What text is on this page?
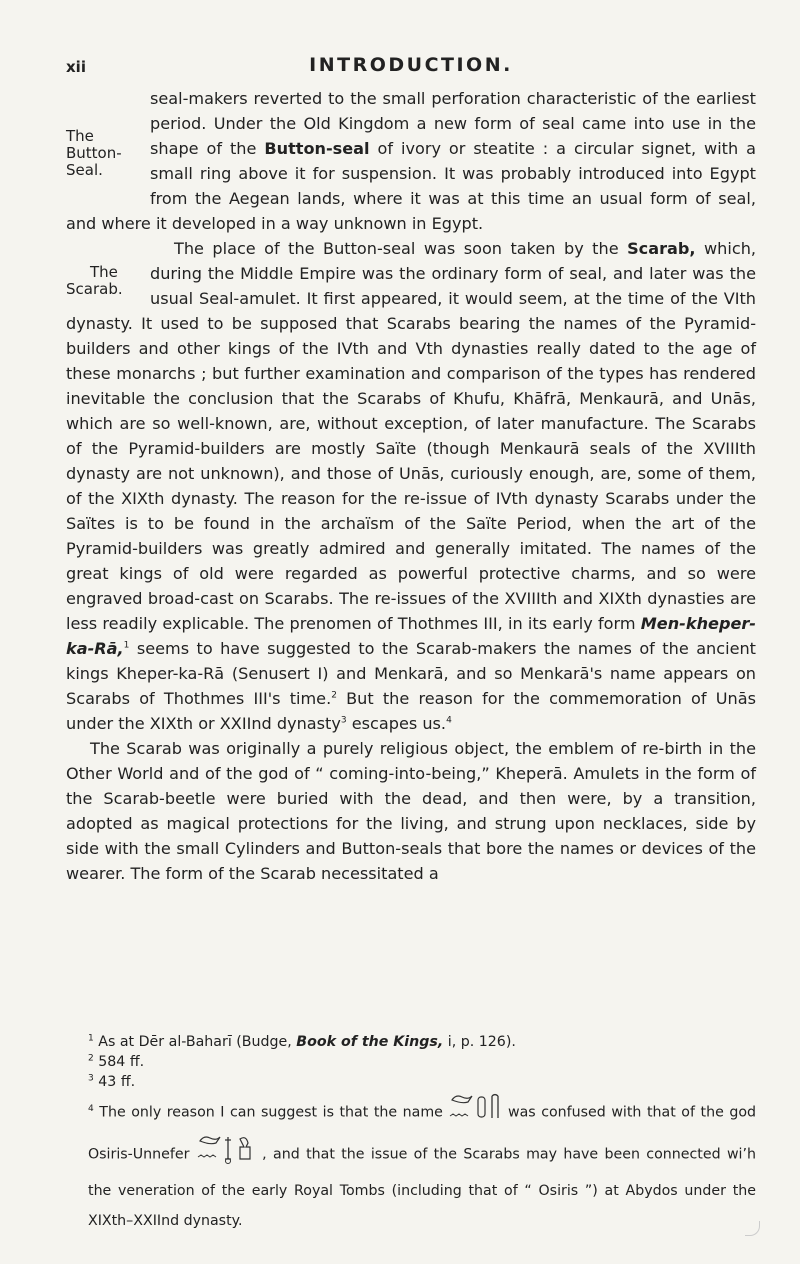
xii	INTRODUCTION.

The Button-Seal.
seal-makers reverted to the small perforation characteristic of the earliest period. Under the Old Kingdom a new form of seal came into use in the shape of the Button-seal of ivory or steatite : a circular signet, with a small ring above it for suspension. It was probably introduced into Egypt from the Aegean lands, where it was at this time an usual form of seal, and where it developed in a way unknown in Egypt.

The place of the Button-seal was soon taken by the Scarab,
The Scarab.
which, during the Middle Empire was the ordinary form of seal, and later was the usual Seal-amulet. It first appeared, it would seem, at the time of the VIth dynasty. It used to be supposed that Scarabs bearing the names of the Pyramid-builders and other kings of the IVth and Vth dynasties really dated to the age of these monarchs ; but further examination and comparison of the types has rendered inevitable the conclusion that the Scarabs of Khufu, Khāfrā, Menkaurā, and Unās, which are so well-known, are, without exception, of later manufacture. The Scarabs of the Pyramid-builders are mostly Saïte (though Menkaurā seals of the XVIIIth dynasty are not unknown), and those of Unās, curiously enough, are, some of them, of the XIXth dynasty. The reason for the re-issue of IVth dynasty Scarabs under the Saïtes is to be found in the archaïsm of the Saïte Period, when the art of the Pyramid-builders was greatly admired and generally imitated. The names of the great kings of old were regarded as powerful protective charms, and so were engraved broad-cast on Scarabs. The re-issues of the XVIIIth and XIXth dynasties are less readily explicable. The prenomen of Thothmes III, in its early form Men-kheper-ka-Rā,$^1$ seems to have suggested to the Scarab-makers the names of the ancient kings Kheper-ka-Rā (Senusert I) and Menkarā, and so Menkarā's name appears on Scarabs of Thothmes III's time.$^2$ But the reason for the commemoration of Unās under the XIXth or XXIInd dynasty$^3$ escapes us.$^4$

The Scarab was originally a purely religious object, the emblem of re-birth in the Other World and of the god of “ coming-into-being,” Kheperā. Amulets in the form of the Scarab-beetle were buried with the dead, and then were, by a transition, adopted as magical protections for the living, and strung upon necklaces, side by side with the small Cylinders and Button-seals that bore the names or devices of the wearer. The form of the Scarab necessitated a

$^1$ As at Dēr al-Baharī (Budge, Book of the Kings, i, p. 126).

$^2$ 584 ff.

$^3$ 43 ff.

$^4$ The only reason I can suggest is that the name	was confused with that of the god Osiris-Unnefer	, and that the issue of the Scarabs may have been connected wi’h the veneration of the early Royal Tombs (including that of “ Osiris ”) at Abydos under the XIXth–XXIInd dynasty.
